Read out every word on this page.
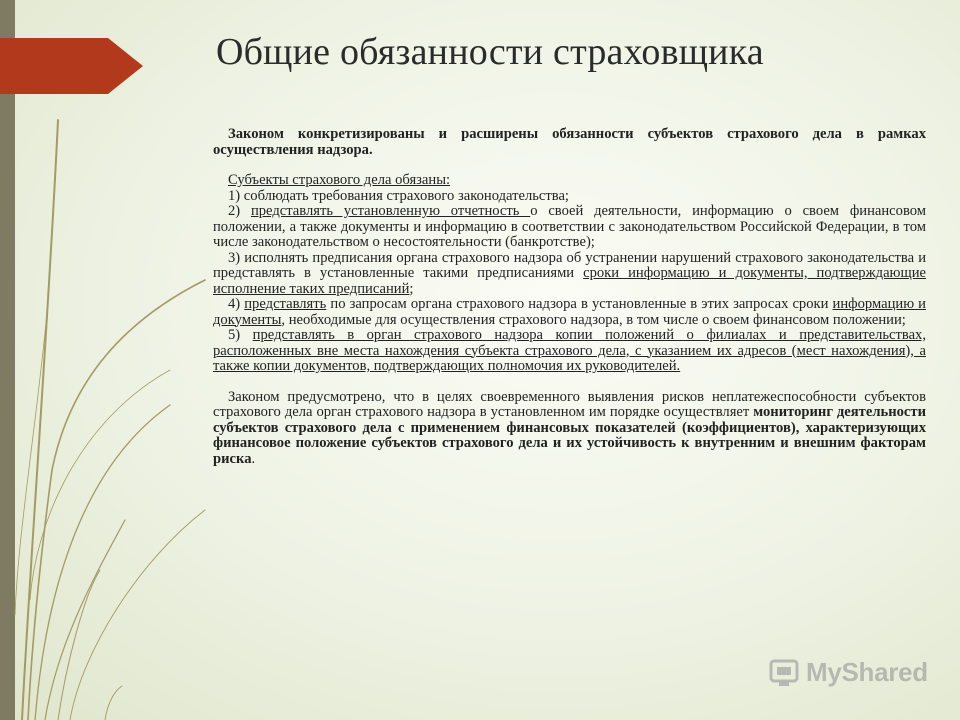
Общие обязанности страховщика

Законом конкретизированы и расширены обязанности субъектов страхового дела в рамках осуществления надзора.

Субъекты страхового дела обязаны:

1) соблюдать требования страхового законодательства;

2) представлять установленную отчетность о своей деятельности, информацию о своем финансовом положении, а также документы и информацию в соответствии с законодательством Российской Федерации, в том числе законодательством о несостоятельности (банкротстве);

3) исполнять предписания органа страхового надзора об устранении нарушений страхового законодательства и представлять в установленные такими предписаниями сроки информацию и документы, подтверждающие исполнение таких предписаний;

4) представлять по запросам органа страхового надзора в установленные в этих запросах сроки информацию и документы, необходимые для осуществления страхового надзора, в том числе о своем финансовом положении;

5) представлять в орган страхового надзора копии положений о филиалах и представительствах, расположенных вне места нахождения субъекта страхового дела, с указанием их адресов (мест нахождения), а также копии документов, подтверждающих полномочия их руководителей.

Законом предусмотрено, что в целях своевременного выявления рисков неплатежеспособности субъектов страхового дела орган страхового надзора в установленном им порядке осуществляет мониторинг деятельности субъектов страхового дела с применением финансовых показателей (коэффициентов), характеризующих финансовое положение субъектов страхового дела и их устойчивость к внутренним и внешним факторам риска.

MyShared
